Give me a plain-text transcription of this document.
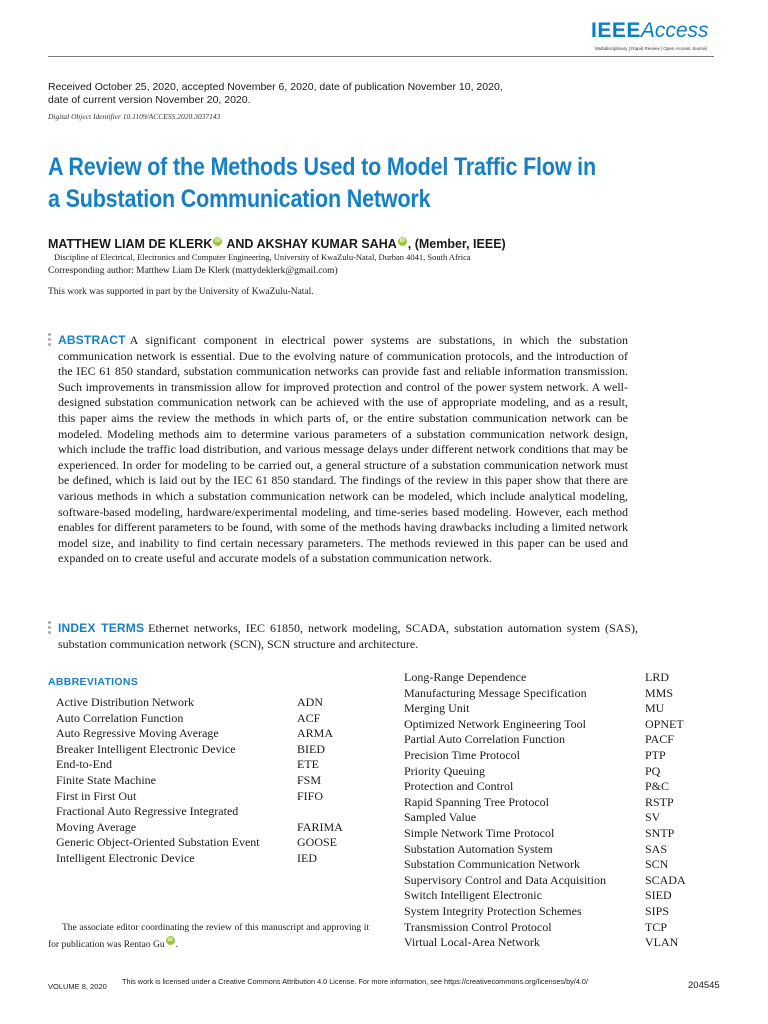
IEEEAccess
Multidisciplinary | Rapid Review | Open Access Journal
Received October 25, 2020, accepted November 6, 2020, date of publication November 10, 2020,
date of current version November 20, 2020.
Digital Object Identifier 10.1109/ACCESS.2020.3037143
A Review of the Methods Used to Model Traffic Flow in a Substation Communication Network
MATTHEW LIAM DE KLERK iD AND AKSHAY KUMAR SAHA iD , (Member, IEEE)
Discipline of Electrical, Electronics and Computer Engineering, University of KwaZulu-Natal, Durban 4041, South Africa
Corresponding author: Matthew Liam De Klerk (mattydeklerk@gmail.com)
This work was supported in part by the University of KwaZulu-Natal.
ABSTRACT A significant component in electrical power systems are substations, in which the substation communication network is essential. Due to the evolving nature of communication protocols, and the introduction of the IEC 61 850 standard, substation communication networks can provide fast and reliable information transmission. Such improvements in transmission allow for improved protection and control of the power system network. A well-designed substation communication network can be achieved with the use of appropriate modeling, and as a result, this paper aims the review the methods in which parts of, or the entire substation communication network can be modeled. Modeling methods aim to determine various parameters of a substation communication network design, which include the traffic load distribution, and various message delays under different network conditions that may be experienced. In order for modeling to be carried out, a general structure of a substation communication network must be defined, which is laid out by the IEC 61 850 standard. The findings of the review in this paper show that there are various methods in which a substation communication network can be modeled, which include analytical modeling, software-based modeling, hardware/experimental modeling, and time-series based modeling. However, each method enables for different parameters to be found, with some of the methods having drawbacks including a limited network model size, and inability to find certain necessary parameters. The methods reviewed in this paper can be used and expanded on to create useful and accurate models of a substation communication network.
INDEX TERMS Ethernet networks, IEC 61850, network modeling, SCADA, substation automation system (SAS), substation communication network (SCN), SCN structure and architecture.
ABBREVIATIONS
Active Distribution Network	ADN
Auto Correlation Function	ACF
Auto Regressive Moving Average	ARMA
Breaker Intelligent Electronic Device	BIED
End-to-End	ETE
Finite State Machine	FSM
First in First Out	FIFO
Fractional Auto Regressive Integrated
Moving Average	FARIMA
Generic Object-Oriented Substation Event	GOOSE
Intelligent Electronic Device	IED
Long-Range Dependence	LRD
Manufacturing Message Specification	MMS
Merging Unit	MU
Optimized Network Engineering Tool	OPNET
Partial Auto Correlation Function	PACF
Precision Time Protocol	PTP
Priority Queuing	PQ
Protection and Control	P&C
Rapid Spanning Tree Protocol	RSTP
Sampled Value	SV
Simple Network Time Protocol	SNTP
Substation Automation System	SAS
Substation Communication Network	SCN
Supervisory Control and Data Acquisition	SCADA
Switch Intelligent Electronic	SIED
System Integrity Protection Schemes	SIPS
Transmission Control Protocol	TCP
Virtual Local-Area Network	VLAN
The associate editor coordinating the review of this manuscript and approving it for publication was Rentao Gu iD .
VOLUME 8, 2020
This work is licensed under a Creative Commons Attribution 4.0 License. For more information, see https://creativecommons.org/licenses/by/4.0/	204545
